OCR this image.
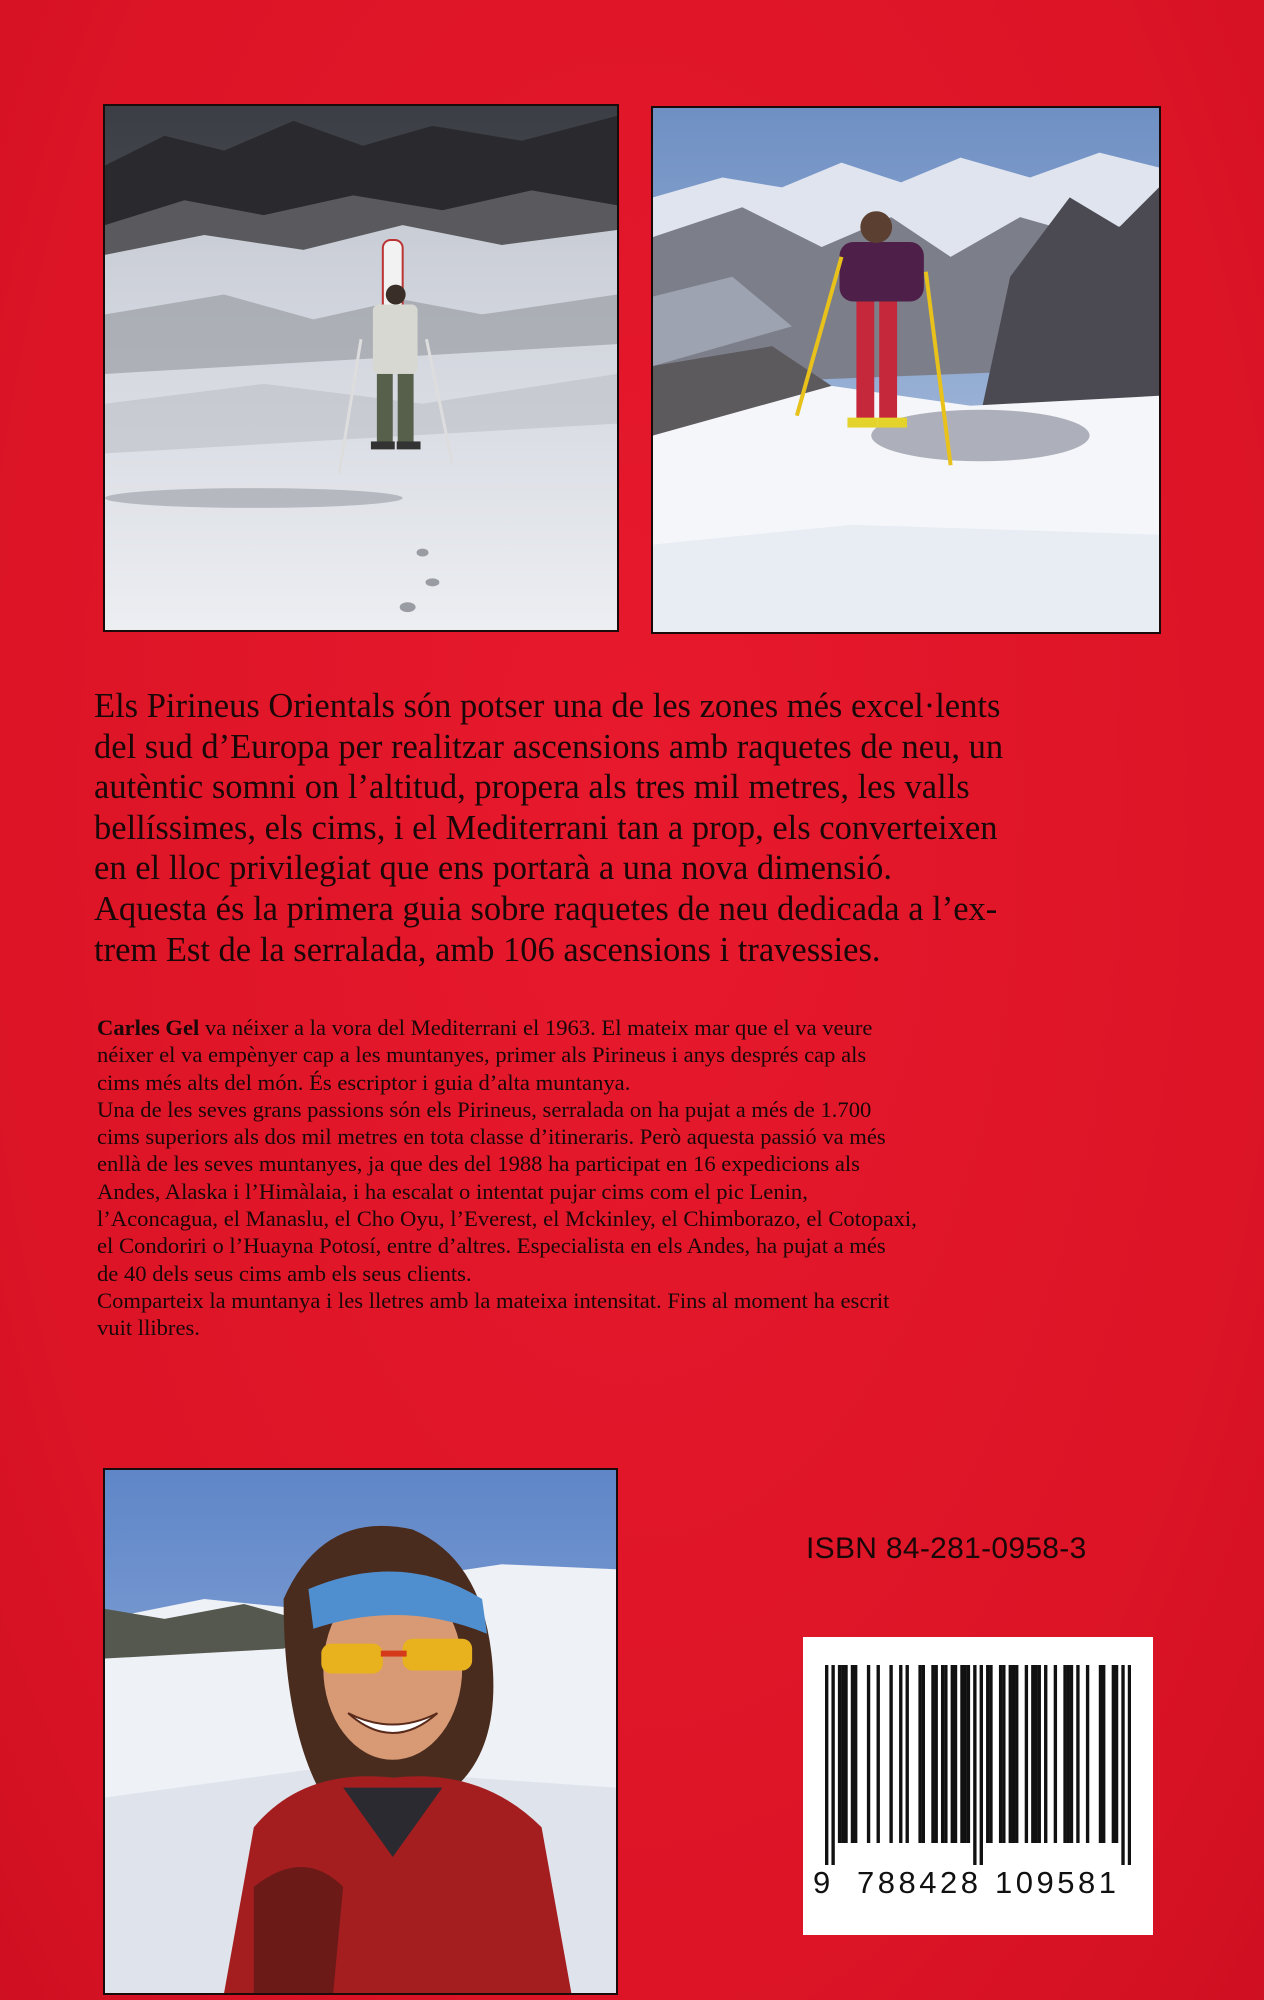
Els Pirineus Orientals són potser una de les zones més excel·lents
del sud d’Europa per realitzar ascensions amb raquetes de neu, un
autèntic somni on l’altitud, propera als tres mil metres, les valls
bellíssimes, els cims, i el Mediterrani tan a prop, els converteixen
en el lloc privilegiat que ens portarà a una nova dimensió.
Aquesta és la primera guia sobre raquetes de neu dedicada a l’ex-
trem Est de la serralada, amb 106 ascensions i travessies.

Carles Gel va néixer a la vora del Mediterrani el 1963. El mateix mar que el va veure
néixer el va empènyer cap a les muntanyes, primer als Pirineus i anys després cap als
cims més alts del món. És escriptor i guia d’alta muntanya.
Una de les seves grans passions són els Pirineus, serralada on ha pujat a més de 1.700
cims superiors als dos mil metres en tota classe d’itineraris. Però aquesta passió va més
enllà de les seves muntanyes, ja que des del 1988 ha participat en 16 expedicions als
Andes, Alaska i l’Himàlaia, i ha escalat o intentat pujar cims com el pic Lenin,
l’Aconcagua, el Manaslu, el Cho Oyu, l’Everest, el Mckinley, el Chimborazo, el Cotopaxi,
el Condoriri o l’Huayna Potosí, entre d’altres. Especialista en els Andes, ha pujat a més
de 40 dels seus cims amb els seus clients.
Comparteix la muntanya i les lletres amb la mateixa intensitat. Fins al moment ha escrit
vuit llibres.

ISBN 84-281-0958-3
9 788428 109581
